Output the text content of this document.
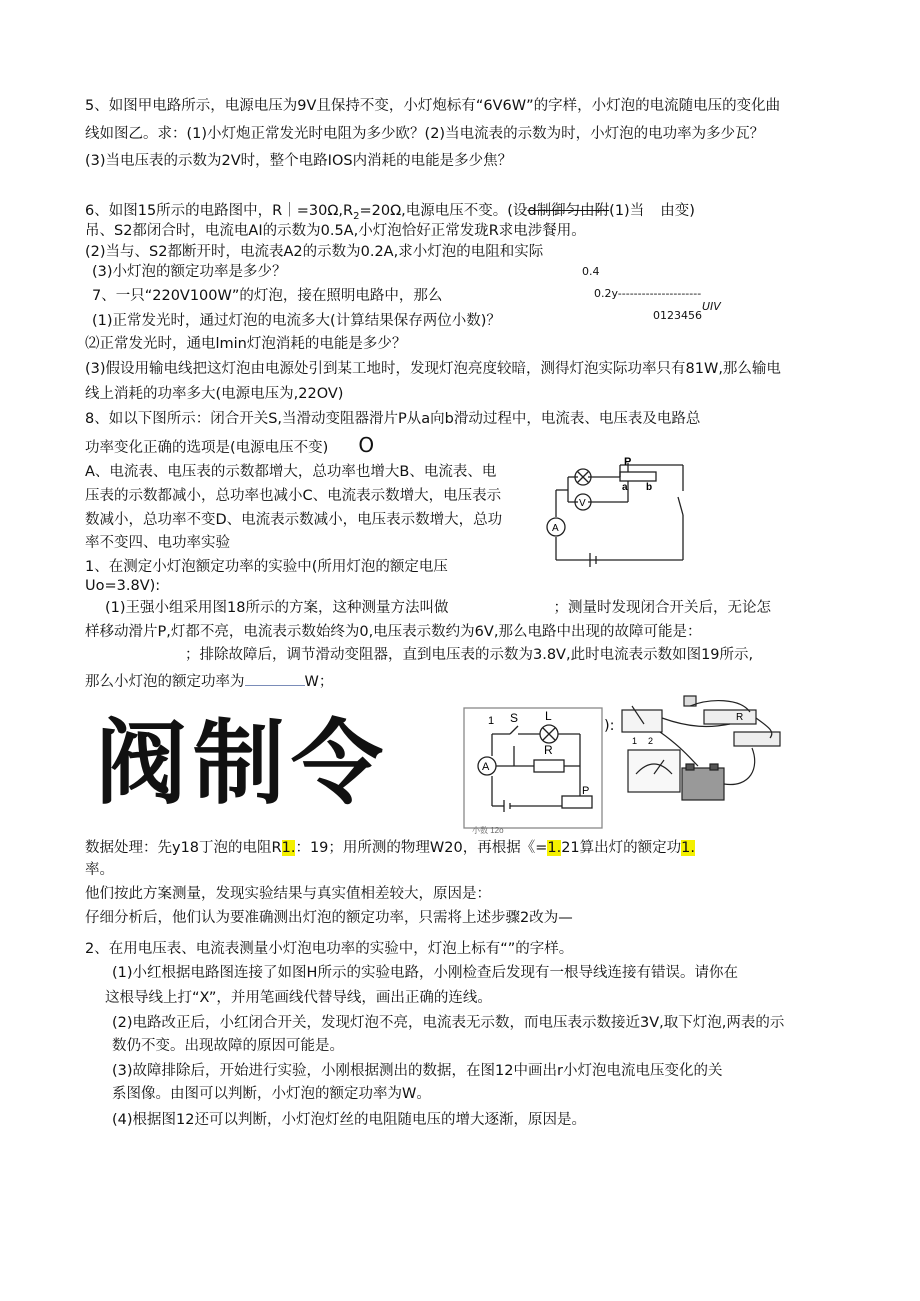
5、如图甲电路所示，电源电压为9V且保持不变，小灯炮标有“6V6W”的字样，小灯泡的电流随电压的变化曲
线如图乙。求：(1)小灯炮正常发光时电阻为多少欧？(2)当电流表的示数为时，小灯泡的电功率为多少瓦？
(3)当电压表的示数为2V时，整个电路IOS内消耗的电能是多少焦？
6、如图15所示的电路图中，$R|=30\Omega,R_2=20\Omega$,电源电压不变。(设d制御匀由附(1)当 由变)
吊、S2都闭合时，电流电AI的示数为0.5A,小灯泡恰好正常发珑R求电涉餐用。
(2)当与、S2都断开时，电流表A2的示数为0.2A,求小灯泡的电阻和实际
(3)小灯泡的额定功率是多少？	0.4
0.2y---------------------
0123456
UIV
7、一只“220V100W”的灯泡，接在照明电路中，那么
(1)正常发光时，通过灯泡的电流多大(计算结果保存两位小数)？
⑵正常发光时，通电lmin灯泡消耗的电能是多少？
(3)假设用输电线把这灯泡由电源处引到某工地时，发现灯泡亮度较暗，测得灯泡实际功率只有81W,那么输电
线上消耗的功率多大(电源电压为,22OV)
8、如以下图所示：闭合开关S,当滑动变阻器滑片P从a向b滑动过程中，电流表、电压表及电路总
功率变化正确的选项是(电源电压不变) O
A、电流表、电压表的示数都增大，总功率也增大B、电流表、电
压表的示数都减小，总功率也减小C、电流表示数增大，电压表示
数减小，总功率不变D、电流表示数减小，电压表示数增大，总功
率不变四、电功率实验
P
a b
V
A
1、在测定小灯泡额定功率的实验中(所用灯泡的额定电压
Uo=3.8V):
(1)王强小组采用图18所示的方案，这种测量方法叫做	；测量时发现闭合开关后，无论怎
样移动滑片P,灯都不亮，电流表示数始终为0,电压表示数约为6V,那么电路中出现的故障可能是：
；排除故障后，调节滑动变阻器，直到电压表的示数为3.8V,此时电流表示数如图19所示,
那么小灯泡的额定功率为	W；
阀制令	1 S L
R
A
P
小数 12o
):
R
1 2
数据处理：先y18丁泡的电阻R1.：19；用所测的物理W20，再根据《=1.21算出灯的额定功1.
率。
他们按此方案测量，发现实验结果与真实值相差较大，原因是：
仔细分析后，他们认为要准确测出灯泡的额定功率，只需将上述步骤2改为—
2、在用电压表、电流表测量小灯泡电功率的实验中，灯泡上标有“”的字样。
(1)小红根据电路图连接了如图H所示的实验电路，小刚检查后发现有一根导线连接有错误。请你在
这根导线上打“X”，并用笔画线代替导线，画出正确的连线。
(2)电路改正后，小红闭合开关，发现灯泡不亮，电流表无示数，而电压表示数接近3V,取下灯泡,两表的示
数仍不变。出现故障的原因可能是。
(3)故障排除后，开始进行实验，小刚根据测出的数据，在图12中画出r小灯泡电流电压变化的关
系图像。由图可以判断，小灯泡的额定功率为W。
(4)根据图12还可以判断，小灯泡灯丝的电阻随电压的增大逐渐，原因是。
